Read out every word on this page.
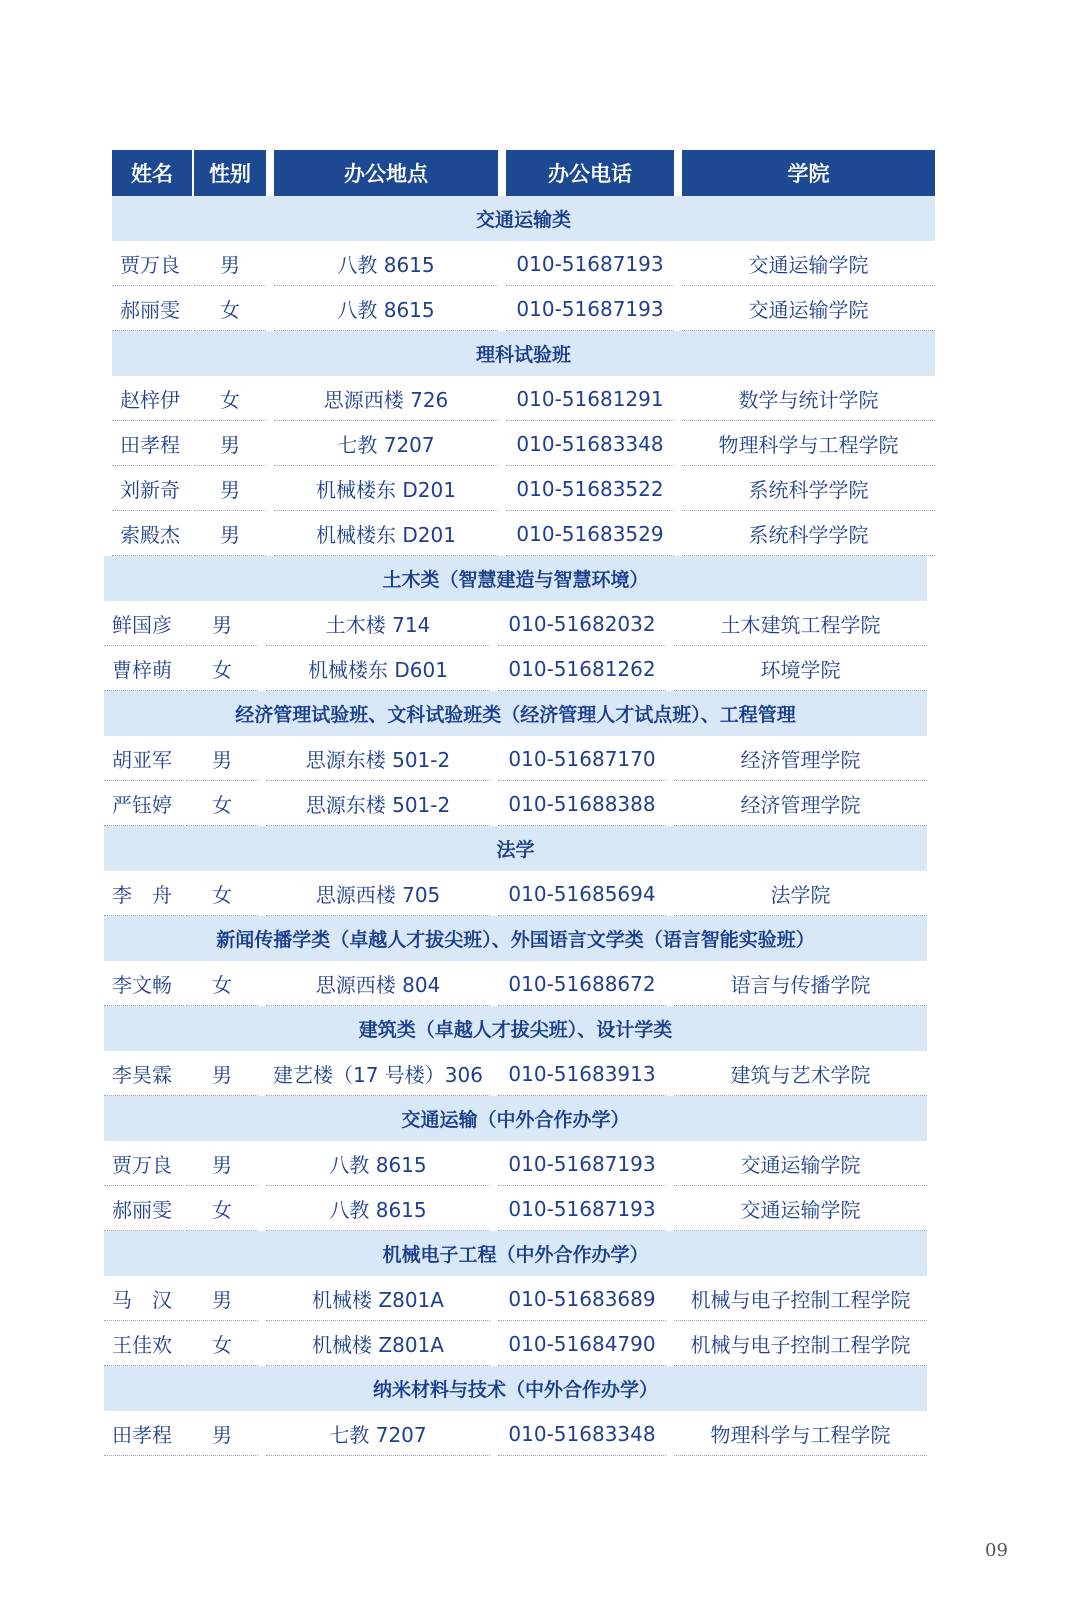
姓名	性别	办公地点	办公电话	学院
交通运输类
贾万良	男	八教 8615	010-51687193	交通运输学院
郝丽雯	女	八教 8615	010-51687193	交通运输学院
理科试验班
赵梓伊	女	思源西楼 726	010-51681291	数学与统计学院
田孝程	男	七教 7207	010-51683348	物理科学与工程学院
刘新奇	男	机械楼东 D201	010-51683522	系统科学学院
索殿杰	男	机械楼东 D201	010-51683529	系统科学学院
土木类（智慧建造与智慧环境）
鲜国彦	男	土木楼 714	010-51682032	土木建筑工程学院
曹梓萌	女	机械楼东 D601	010-51681262	环境学院
经济管理试验班、文科试验班类（经济管理人才试点班）、工程管理
胡亚军	男	思源东楼 501-2	010-51687170	经济管理学院
严钰婷	女	思源东楼 501-2	010-51688388	经济管理学院
法学
李　舟	女	思源西楼 705	010-51685694	法学院
新闻传播学类（卓越人才拔尖班）、外国语言文学类（语言智能实验班）
李文畅	女	思源西楼 804	010-51688672	语言与传播学院
建筑类（卓越人才拔尖班）、设计学类
李昊霖	男	建艺楼（17 号楼）306	010-51683913	建筑与艺术学院
交通运输（中外合作办学）
贾万良	男	八教 8615	010-51687193	交通运输学院
郝丽雯	女	八教 8615	010-51687193	交通运输学院
机械电子工程（中外合作办学）
马　汉	男	机械楼 Z801A	010-51683689	机械与电子控制工程学院
王佳欢	女	机械楼 Z801A	010-51684790	机械与电子控制工程学院
纳米材料与技术（中外合作办学）
田孝程	男	七教 7207	010-51683348	物理科学与工程学院
09
